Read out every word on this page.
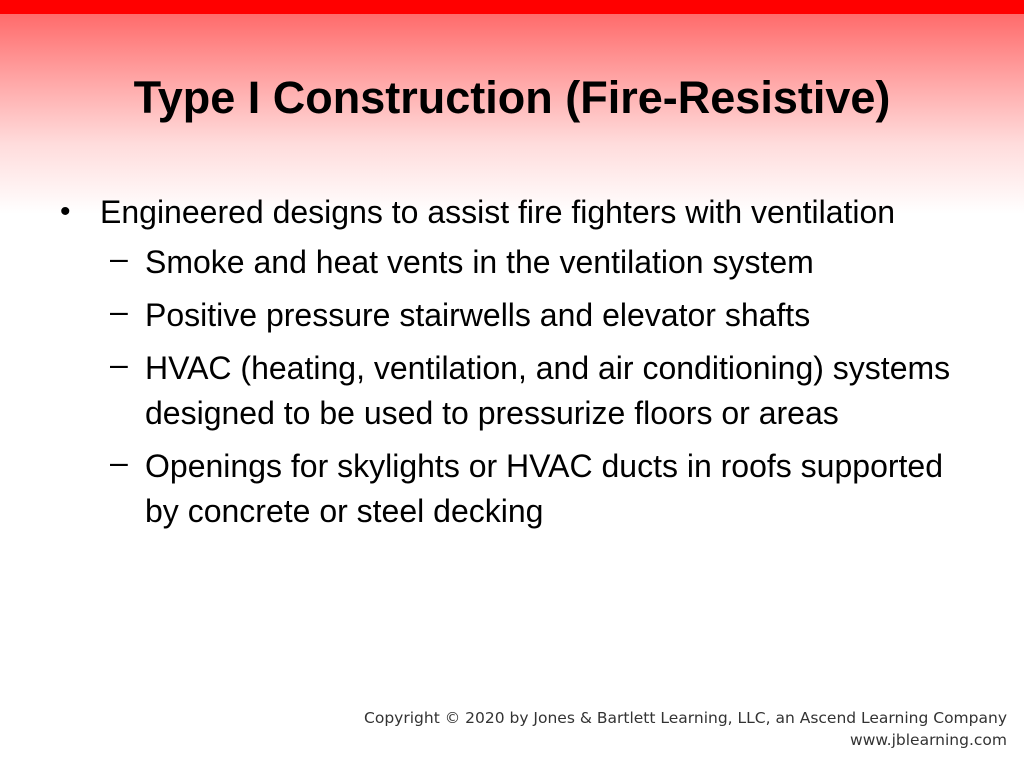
Type I Construction (Fire-Resistive)
• Engineered designs to assist fire fighters with ventilation
– Smoke and heat vents in the ventilation system
– Positive pressure stairwells and elevator shafts
– HVAC (heating, ventilation, and air conditioning) systems designed to be used to pressurize floors or areas
– Openings for skylights or HVAC ducts in roofs supported by concrete or steel decking
Copyright © 2020 by Jones & Bartlett Learning, LLC, an Ascend Learning Company
www.jblearning.com
